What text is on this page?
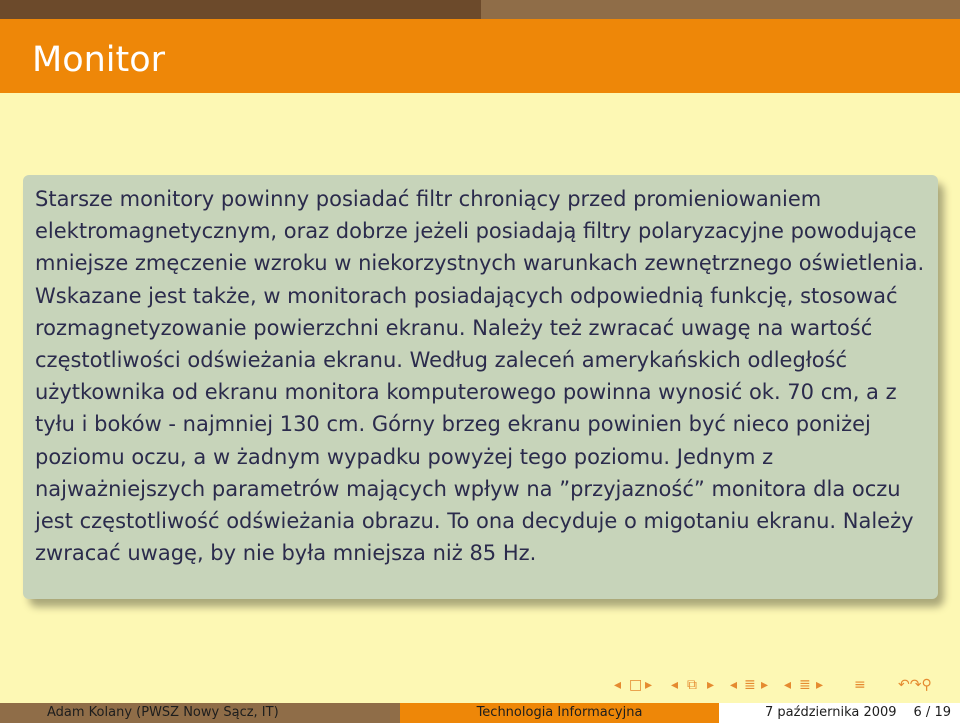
Monitor

Starsze monitory powinny posiadać filtr chroniący przed promieniowaniem elektromagnetycznym, oraz dobrze jeżeli posiadają filtry polaryzacyjne powodujące mniejsze zmęczenie wzroku w niekorzystnych warunkach zewnętrznego oświetlenia. Wskazane jest także, w monitorach posiadających odpowiednią funkcję, stosować rozmagnetyzowanie powierzchni ekranu. Należy też zwracać uwagę na wartość częstotliwości odświeżania ekranu. Według zaleceń amerykańskich odległość użytkownika od ekranu monitora komputerowego powinna wynosić ok. 70 cm, a z tyłu i boków - najmniej 130 cm. Górny brzeg ekranu powinien być nieco poniżej poziomu oczu, a w żadnym wypadku powyżej tego poziomu. Jednym z najważniejszych parametrów mających wpływ na ”przyjazność” monitora dla oczu jest częstotliwość odświeżania obrazu. To ona decyduje o migotaniu ekranu. Należy zwracać uwagę, by nie była mniejsza niż 85 Hz.

◂ □ ▸ ◂ ⧉ ▸ ◂ ≣ ▸ ◂ ≣ ▸ ≡ ↶↷⚲
Adam Kolany (PWSZ Nowy Sącz, IT)	Technologia Informacyjna	7 października 2009 6 / 19
